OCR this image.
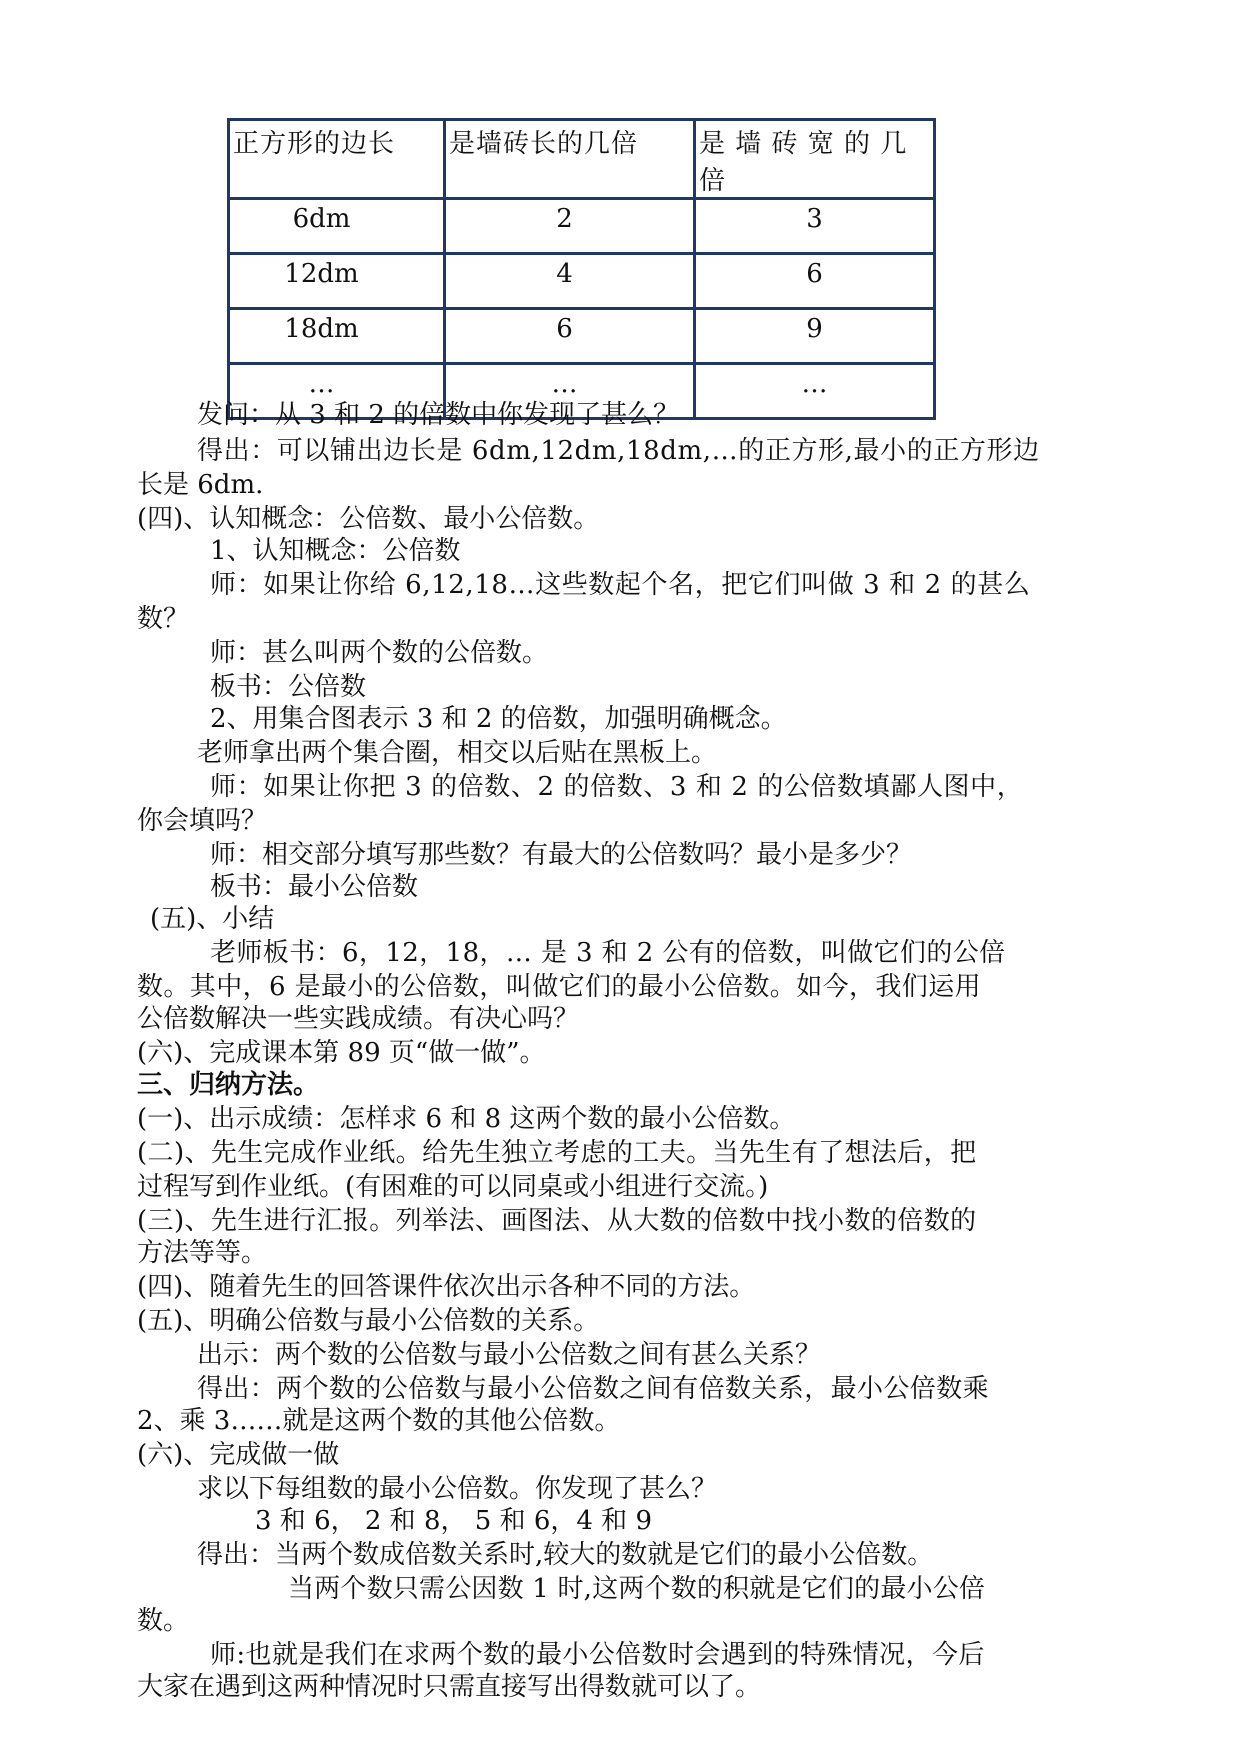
正方形的边长	是墙砖长的几倍	是 墙 砖 宽 的 几 倍
6dm	2	3
12dm	4	6
18dm	6	9
…	…	…
发问：从 3 和 2 的倍数中你发现了甚么？
得出：可以铺出边长是 6dm,12dm,18dm,…的正方形,最小的正方形边
长是 6dm.
(四)、认知概念：公倍数、最小公倍数。
1、认知概念：公倍数
师：如果让你给 6,12,18…这些数起个名，把它们叫做 3 和 2 的甚么
数？
师：甚么叫两个数的公倍数。
板书：公倍数
2、用集合图表示 3 和 2 的倍数，加强明确概念。
老师拿出两个集合圈，相交以后贴在黑板上。
师：如果让你把 3 的倍数、2 的倍数、3 和 2 的公倍数填鄙人图中，
你会填吗？
师：相交部分填写那些数？有最大的公倍数吗？最小是多少？
板书：最小公倍数
(五)、小结
老师板书：6，12，18，… 是 3 和 2 公有的倍数，叫做它们的公倍
数。其中，6 是最小的公倍数，叫做它们的最小公倍数。如今，我们运用
公倍数解决一些实践成绩。有决心吗？
(六)、完成课本第 89 页“做一做”。
三、归纳方法。
(一)、出示成绩：怎样求 6 和 8 这两个数的最小公倍数。
(二)、先生完成作业纸。给先生独立考虑的工夫。当先生有了想法后，把
过程写到作业纸。(有困难的可以同桌或小组进行交流。)
(三)、先生进行汇报。列举法、画图法、从大数的倍数中找小数的倍数的
方法等等。
(四)、随着先生的回答课件依次出示各种不同的方法。
(五)、明确公倍数与最小公倍数的关系。
出示：两个数的公倍数与最小公倍数之间有甚么关系？
得出：两个数的公倍数与最小公倍数之间有倍数关系，最小公倍数乘
2、乘 3……就是这两个数的其他公倍数。
(六)、完成做一做
求以下每组数的最小公倍数。你发现了甚么？
3 和 6， 2 和 8， 5 和 6，4 和 9
得出：当两个数成倍数关系时,较大的数就是它们的最小公倍数。
当两个数只需公因数 1 时,这两个数的积就是它们的最小公倍
数。
师:也就是我们在求两个数的最小公倍数时会遇到的特殊情况，今后
大家在遇到这两种情况时只需直接写出得数就可以了。
